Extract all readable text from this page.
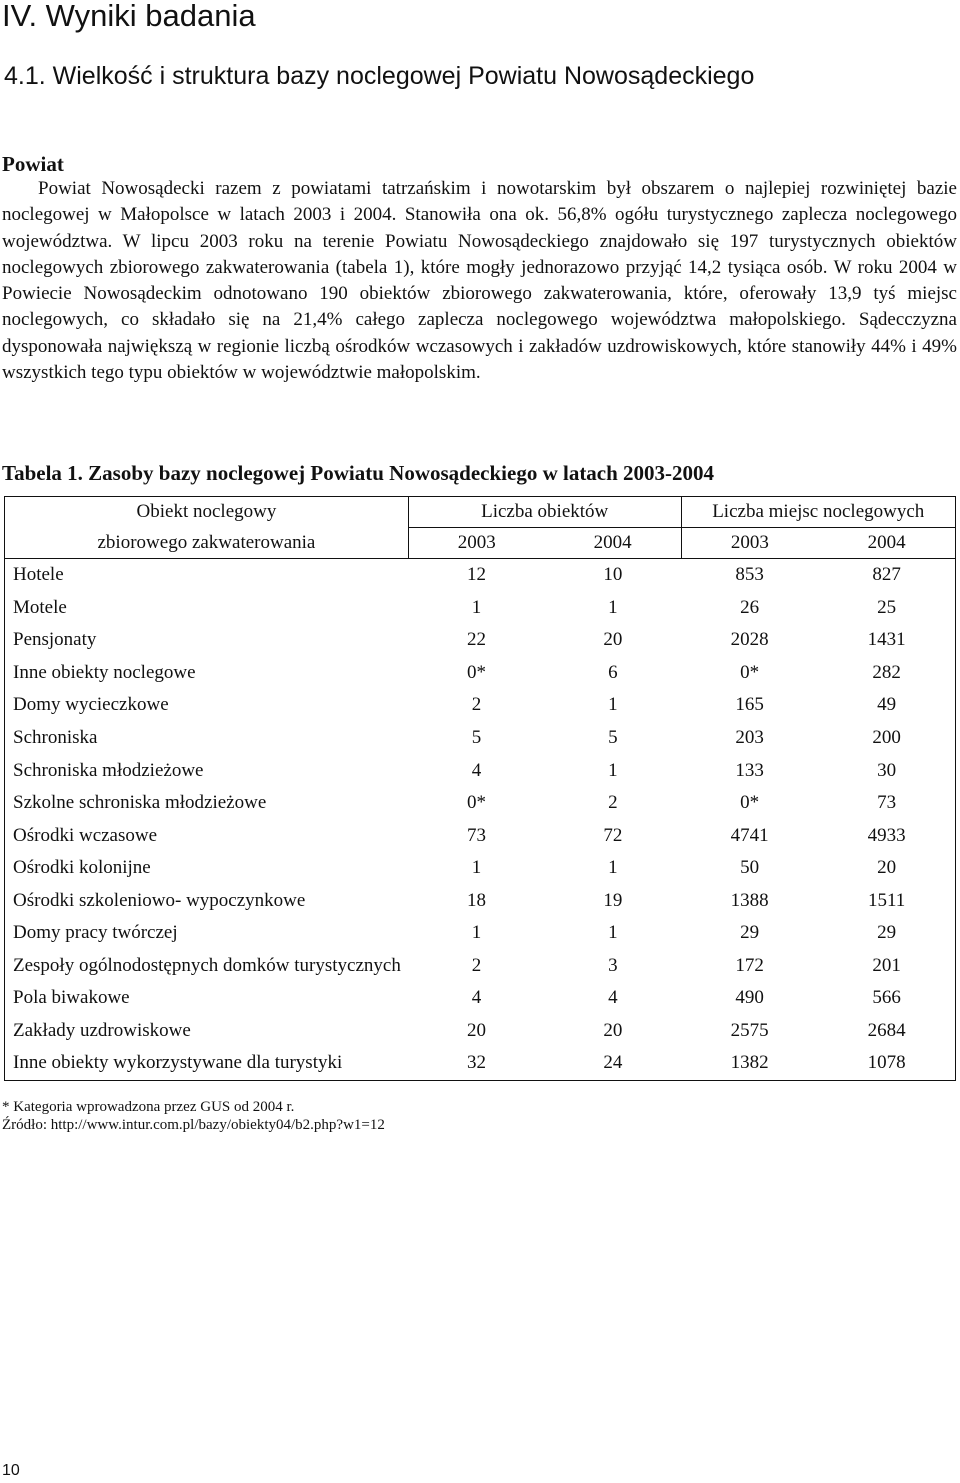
IV. Wyniki badania
4.1. Wielkość i struktura bazy noclegowej Powiatu Nowosądeckiego
Powiat

Powiat Nowosądecki razem z powiatami tatrzańskim i nowotarskim był obszarem o najlepiej rozwiniętej bazie noclegowej w Małopolsce w latach 2003 i 2004. Stanowiła ona ok. 56,8% ogółu turystycznego zaplecza noclegowego województwa. W lipcu 2003 roku na terenie Powiatu Nowosądeckiego znajdowało się 197 turystycznych obiektów noclegowych zbiorowego zakwaterowania (tabela 1), które mogły jednorazowo przyjąć 14,2 tysiąca osób. W roku 2004 w Powiecie Nowosądeckim odnotowano 190 obiektów zbiorowego zakwaterowania, które, oferowały 13,9 tyś miejsc noclegowych, co składało się na 21,4% całego zaplecza noclegowego województwa małopolskiego. Sądecczyzna dysponowała największą w regionie liczbą ośrodków wczasowych i zakładów uzdrowiskowych, które stanowiły 44% i 49% wszystkich tego typu obiektów w województwie małopolskim.

Tabela 1. Zasoby bazy noclegowej Powiatu Nowosądeckiego w latach 2003-2004

Obiekt noclegowy	Liczba obiektów		Liczba miejsc noclegowych	
zbiorowego zakwaterowania	2003	2004	2003	2004
Hotele	12	10	853	827
Motele	1	1	26	25
Pensjonaty	22	20	2028	1431
Inne obiekty noclegowe	0*	6	0*	282
Domy wycieczkowe	2	1	165	49
Schroniska	5	5	203	200
Schroniska młodzieżowe	4	1	133	30
Szkolne schroniska młodzieżowe	0*	2	0*	73
Ośrodki wczasowe	73	72	4741	4933
Ośrodki kolonijne	1	1	50	20
Ośrodki szkoleniowo- wypoczynkowe	18	19	1388	1511
Domy pracy twórczej	1	1	29	29
Zespoły ogólnodostępnych domków turystycznych	2	3	172	201
Pola biwakowe	4	4	490	566
Zakłady uzdrowiskowe	20	20	2575	2684
Inne obiekty wykorzystywane dla turystyki	32	24	1382	1078

* Kategoria wprowadzona przez GUS od 2004 r.

Źródło: http://www.intur.com.pl/bazy/obiekty04/b2.php?w1=12

10
